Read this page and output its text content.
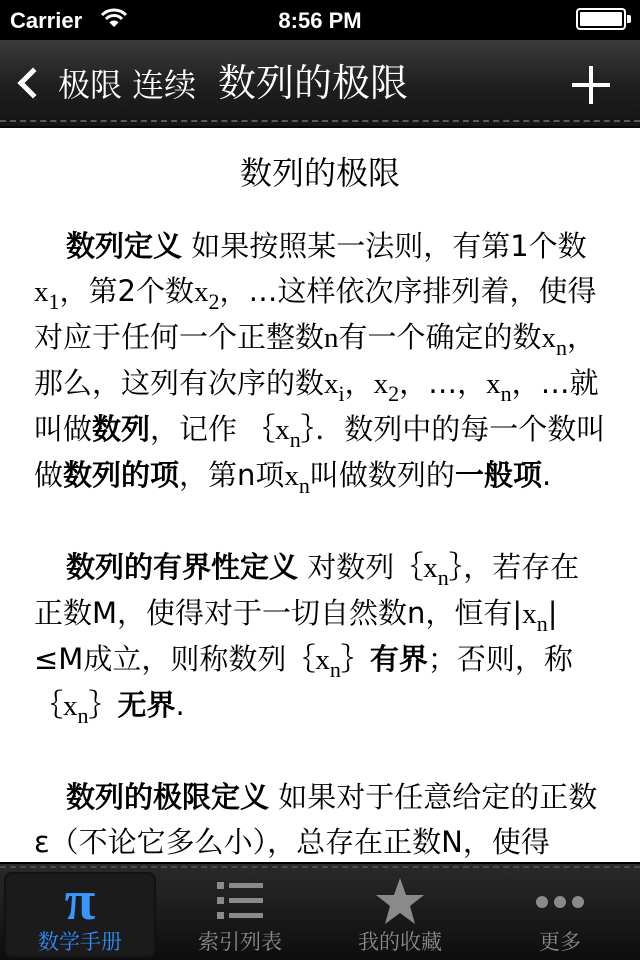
Carrier	8:56 PM
极限 连续 数列的极限
数列的极限

数列定义 如果按照某一法则，有第1个数$x_1$，第2个数$x_2$，…这样依次序排列着，使得对应于任何一个正整数n有一个确定的数$x_n$，那么，这列有次序的数$x_i$，$x_2$，…，$x_n$，…就叫做数列，记作 $\{x_n\}$．数列中的每一个数叫做数列的项，第n项$x_n$叫做数列的一般项.

数列的有界性定义 对数列$\{x_n\}$，若存在正数M，使得对于一切自然数n，恒有$|x_n|\le M$成立，则称数列$\{x_n\}$有界；否则，称$\{x_n\}$无界.

数列的极限定义 如果对于任意给定的正数ε（不论它多么小），总存在正数N，使得

π
数学手册	索引列表	我的收藏	更多
